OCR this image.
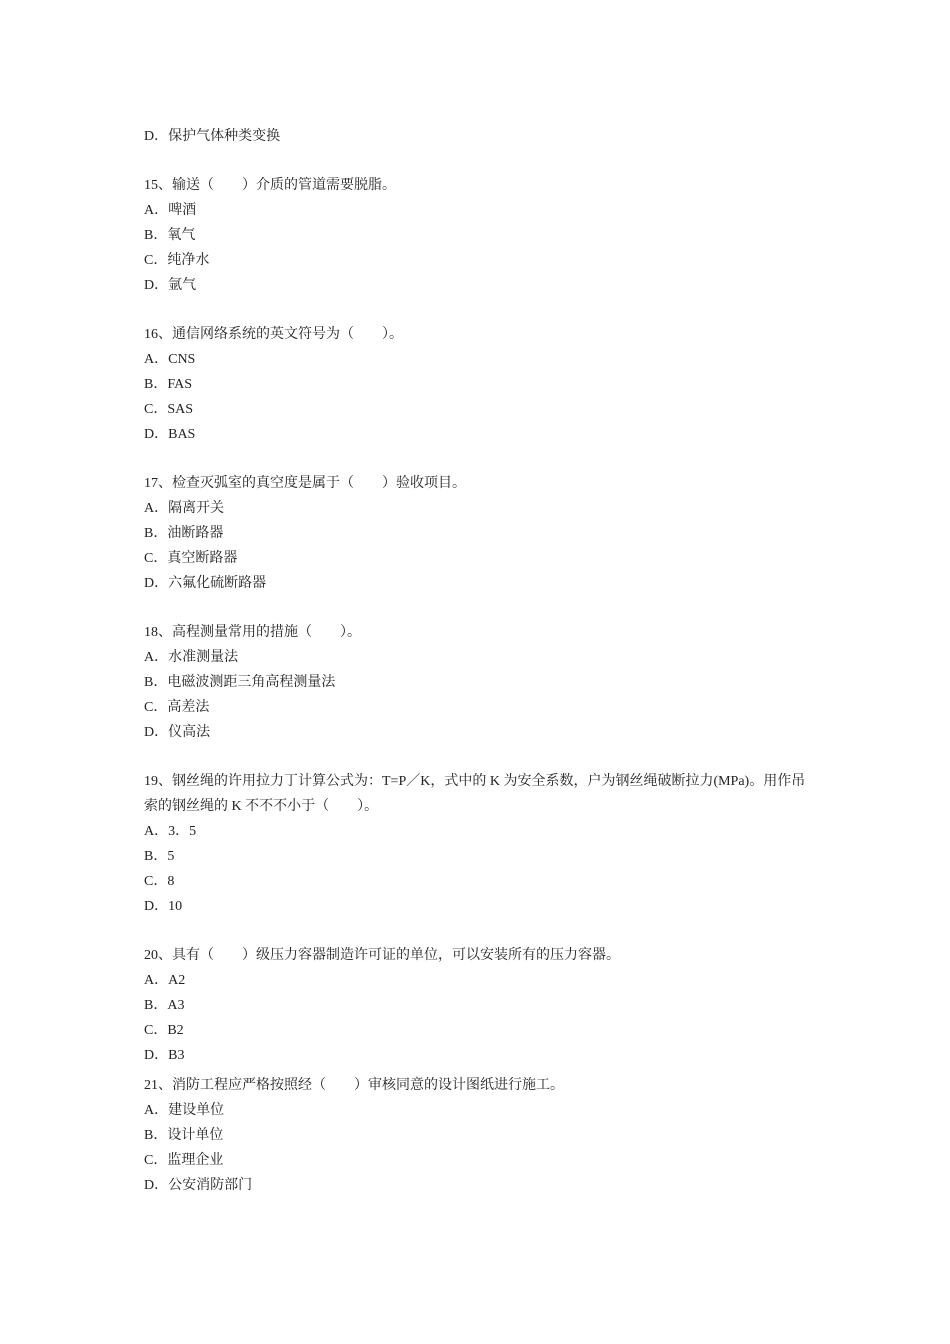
D．保护气体种类变换
15、输送（　　）介质的管道需要脱脂。
A．啤酒
B．氧气
C．纯净水
D．氩气
16、通信网络系统的英文符号为（　　）。
A．CNS
B．FAS
C．SAS
D．BAS
17、检查灭弧室的真空度是属于（　　）验收项目。
A．隔离开关
B．油断路器
C．真空断路器
D．六氟化硫断路器
18、高程测量常用的措施（　　）。
A．水准测量法
B．电磁波测距三角高程测量法
C．高差法
D．仪高法
19、钢丝绳的许用拉力丁计算公式为：T=P／K，式中的 K 为安全系数，户为钢丝绳破断拉力(MPa)。用作吊索的钢丝绳的 K 不不不小于（　　）。
A．3．5
B．5
C．8
D．10
20、具有（　　）级压力容器制造许可证的单位，可以安装所有的压力容器。
A．A2
B．A3
C．B2
D．B3
21、消防工程应严格按照经（　　）审核同意的设计图纸进行施工。
A．建设单位
B．设计单位
C．监理企业
D．公安消防部门
